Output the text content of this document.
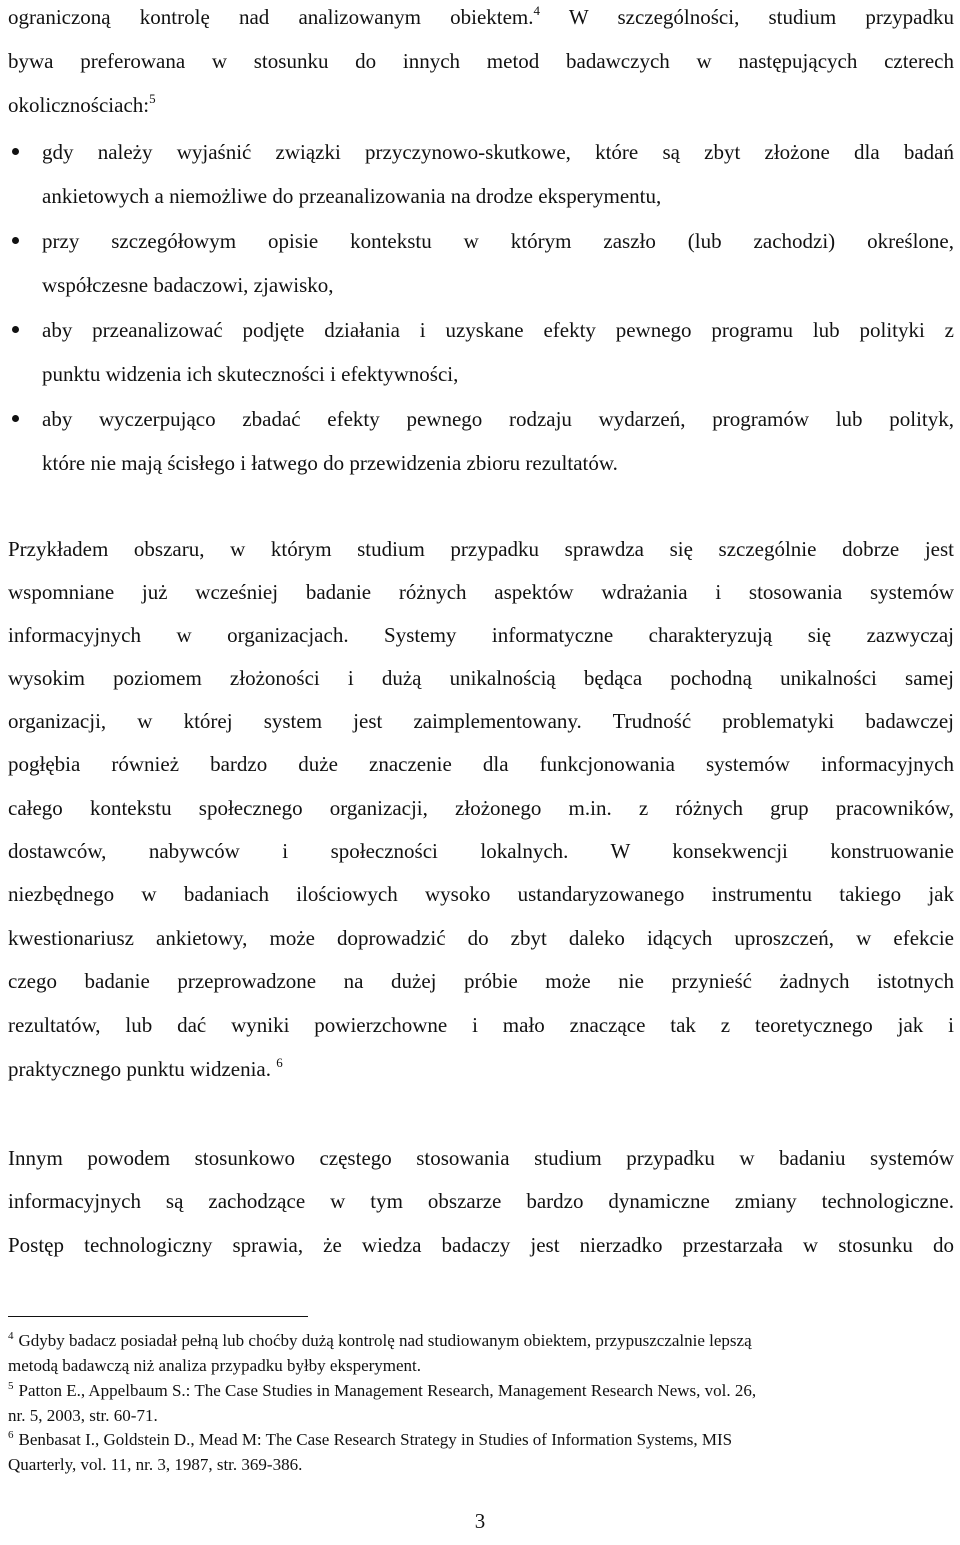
ograniczoną kontrolę nad analizowanym obiektem.$^4$ W szczególności, studium przypadku
bywa preferowana w stosunku do innych metod badawczych w następujących czterech
okolicznościach:$^5$
gdy należy wyjaśnić związki przyczynowo-skutkowe, które są zbyt złożone dla badań
ankietowych a niemożliwe do przeanalizowania na drodze eksperymentu,
przy szczegółowym opisie kontekstu w którym zaszło (lub zachodzi) określone,
współczesne badaczowi, zjawisko,
aby przeanalizować podjęte działania i uzyskane efekty pewnego programu lub polityki z
punktu widzenia ich skuteczności i efektywności,
aby wyczerpująco zbadać efekty pewnego rodzaju wydarzeń, programów lub polityk,
które nie mają ścisłego i łatwego do przewidzenia zbioru rezultatów.
Przykładem obszaru, w którym studium przypadku sprawdza się szczególnie dobrze jest
wspomniane już wcześniej badanie różnych aspektów wdrażania i stosowania systemów
informacyjnych w organizacjach. Systemy informatyczne charakteryzują się zazwyczaj
wysokim poziomem złożoności i dużą unikalnością będąca pochodną unikalności samej
organizacji, w której system jest zaimplementowany. Trudność problematyki badawczej
pogłębia również bardzo duże znaczenie dla funkcjonowania systemów informacyjnych
całego kontekstu społecznego organizacji, złożonego m.in. z różnych grup pracowników,
dostawców, nabywców i społeczności lokalnych. W konsekwencji konstruowanie
niezbędnego w badaniach ilościowych wysoko ustandaryzowanego instrumentu takiego jak
kwestionariusz ankietowy, może doprowadzić do zbyt daleko idących uproszczeń, w efekcie
czego badanie przeprowadzone na dużej próbie może nie przynieść żadnych istotnych
rezultatów, lub dać wyniki powierzchowne i mało znaczące tak z teoretycznego jak i
praktycznego punktu widzenia. $^6$
Innym powodem stosunkowo częstego stosowania studium przypadku w badaniu systemów
informacyjnych są zachodzące w tym obszarze bardzo dynamiczne zmiany technologiczne.
Postęp technologiczny sprawia, że wiedza badaczy jest nierzadko przestarzała w stosunku do
$^4$ Gdyby badacz posiadał pełną lub choćby dużą kontrolę nad studiowanym obiektem, przypuszczalnie lepszą
metodą badawczą niż analiza przypadku byłby eksperyment.
$^5$ Patton E., Appelbaum S.: The Case Studies in Management Research, Management Research News, vol. 26,
nr. 5, 2003, str. 60-71.
$^6$ Benbasat I., Goldstein D., Mead M: The Case Research Strategy in Studies of Information Systems, MIS
Quarterly, vol. 11, nr. 3, 1987, str. 369-386.
3
